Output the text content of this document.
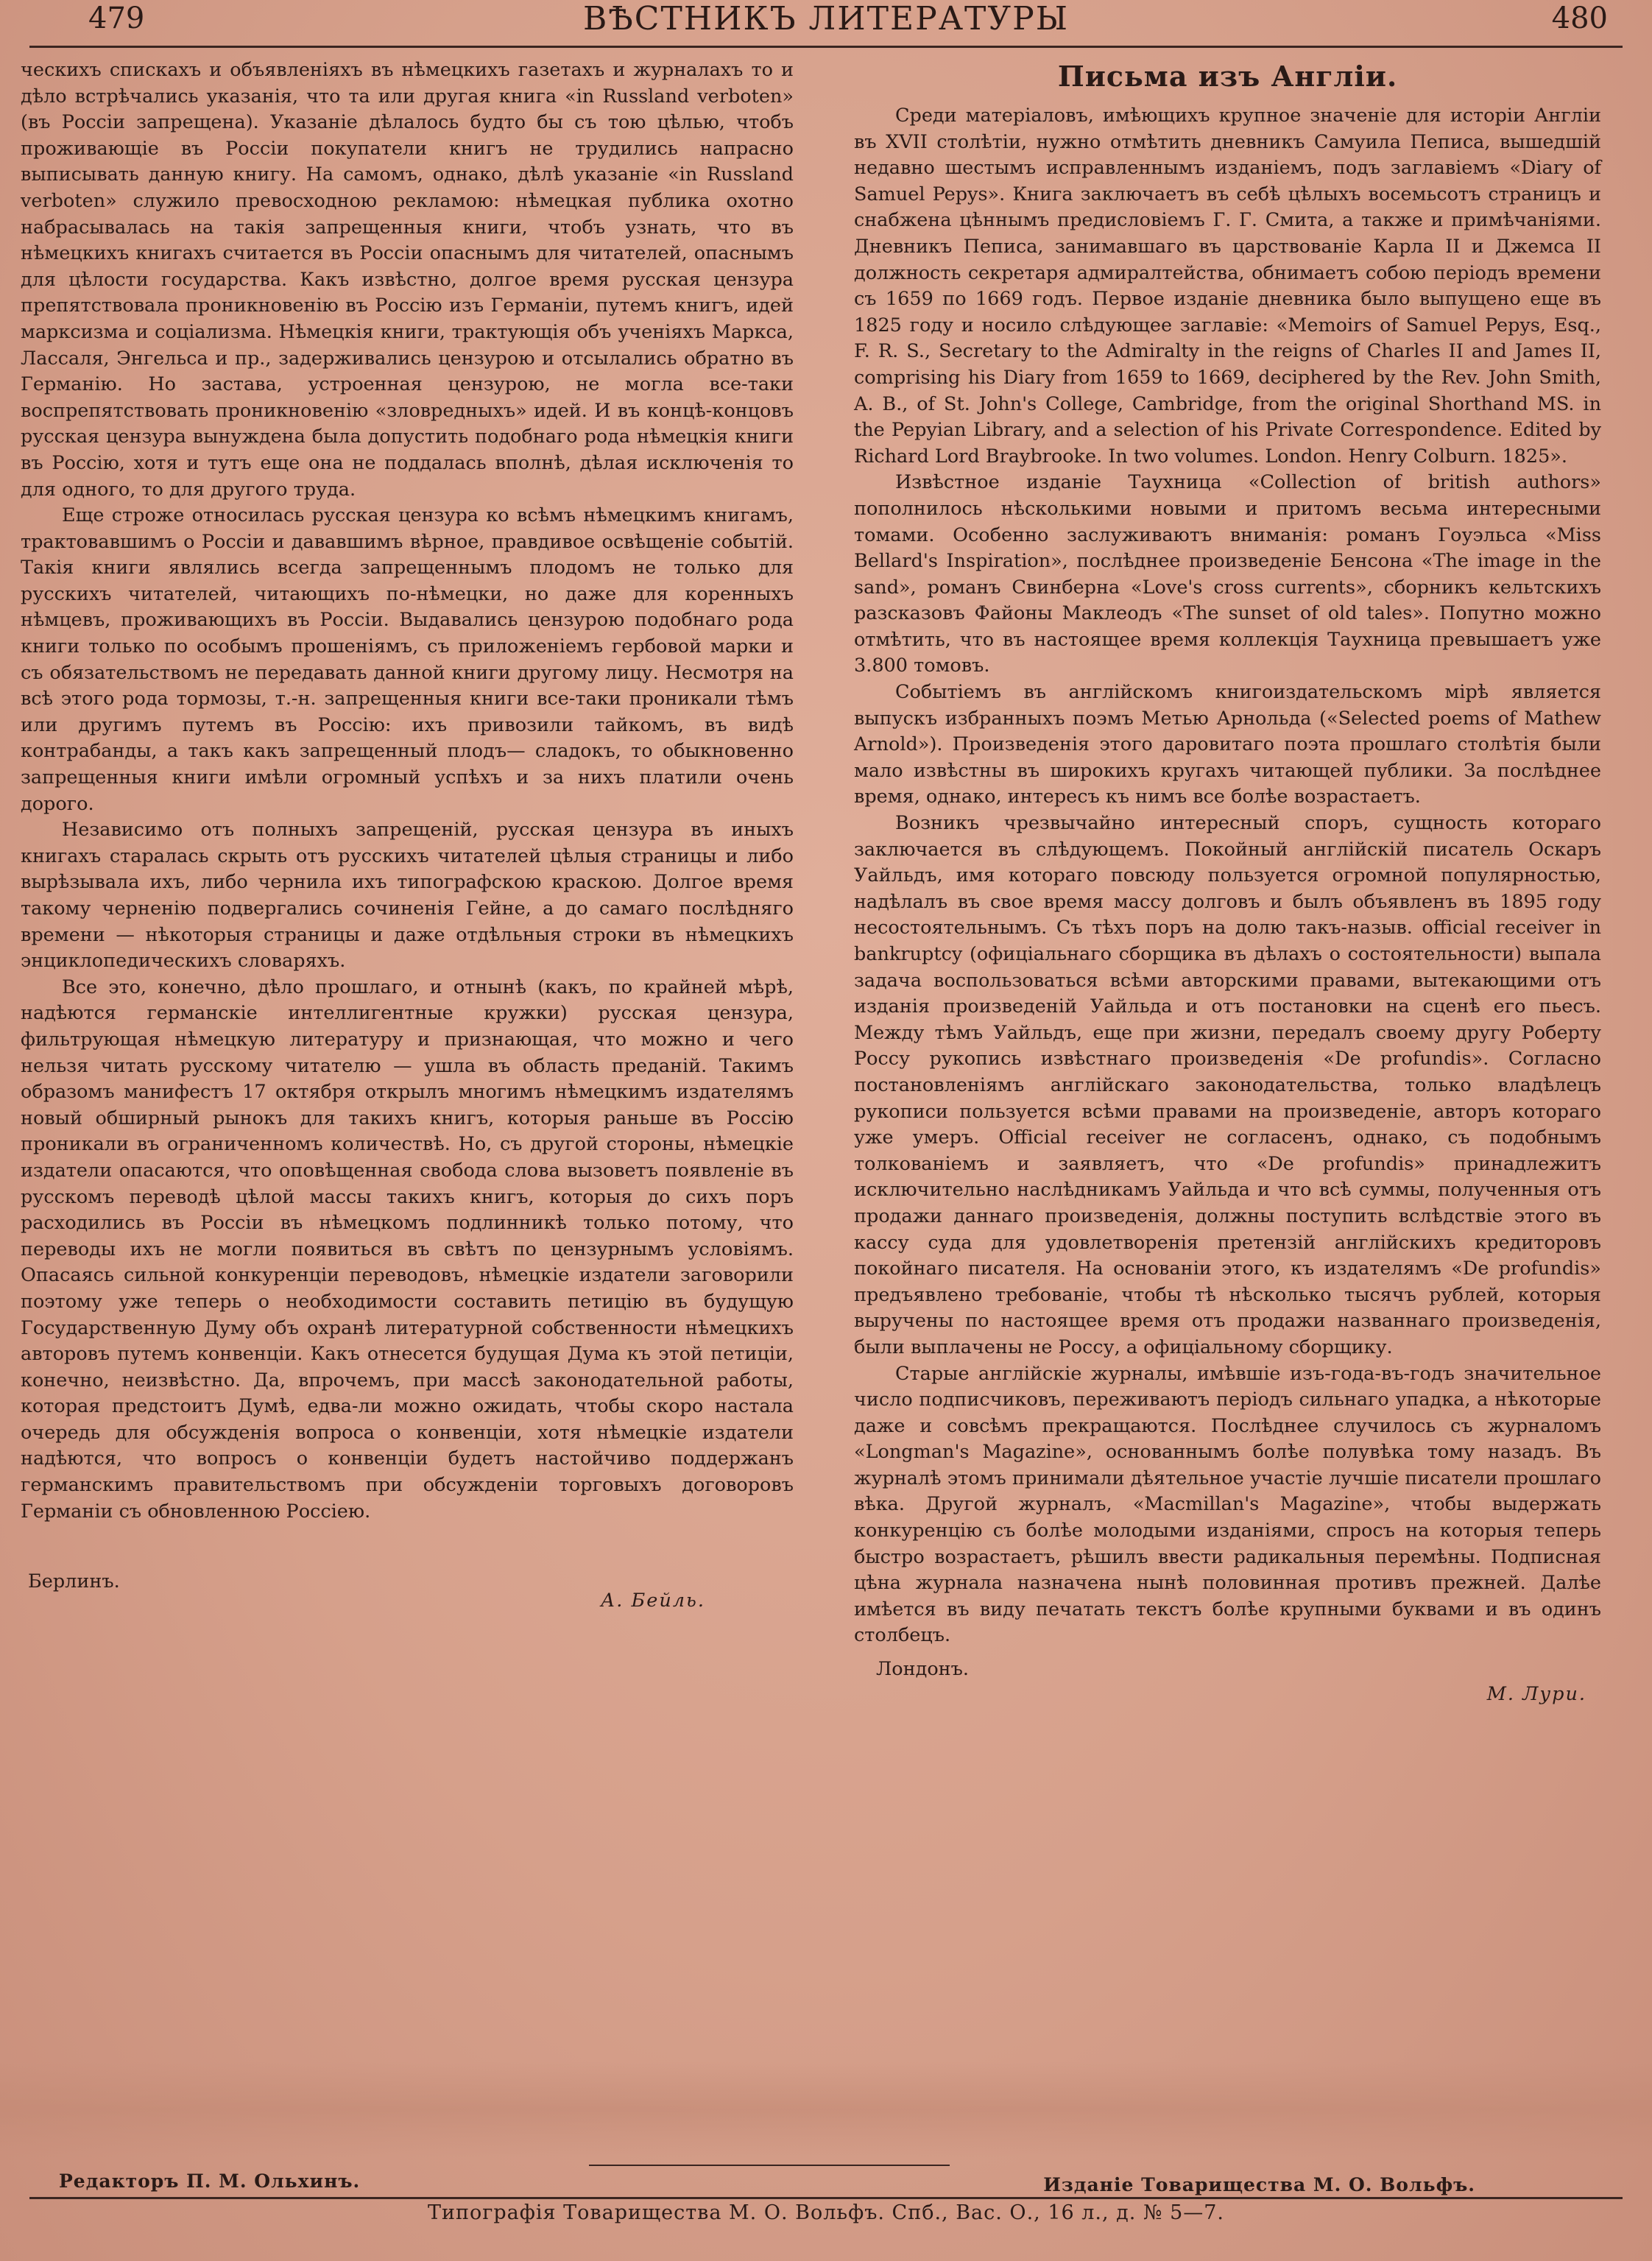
479	ВѢСТНИКЪ ЛИТЕРАТУРЫ	480

ческихъ спискахъ и объявленіяхъ въ нѣмецкихъ газетахъ и журналахъ то и дѣло встрѣчались указанія, что та или другая книга «in Russland verboten» (въ Россіи запрещена). Указаніе дѣлалось будто бы съ тою цѣлью, чтобъ проживающіе въ Россіи покупатели книгъ не трудились напрасно выписывать данную книгу. На самомъ, однако, дѣлѣ указаніе «in Russland verboten» служило превосходною рекламою: нѣмецкая публика охотно набрасывалась на такія запрещенныя книги, чтобъ узнать, что въ нѣмецкихъ книгахъ считается въ Россіи опаснымъ для читателей, опаснымъ для цѣлости государства. Какъ извѣстно, долгое время русская цензура препятствовала проникновенію въ Россію изъ Германіи, путемъ книгъ, идей марксизма и соціализма. Нѣмецкія книги, трактующія объ ученіяхъ Маркса, Лассаля, Энгельса и пр., задерживались цензурою и отсылались обратно въ Германію. Но застава, устроенная цензурою, не могла все-таки воспрепятствовать проникновенію «зловредныхъ» идей. И въ концѣ-концовъ русская цензура вынуждена была допустить подобнаго рода нѣмецкія книги въ Россію, хотя и тутъ еще она не поддалась вполнѣ, дѣлая исключенія то для одного, то для другого труда.

Еще строже относилась русская цензура ко всѣмъ нѣмецкимъ книгамъ, трактовавшимъ о Россіи и дававшимъ вѣрное, правдивое освѣщеніе событій. Такія книги являлись всегда запрещеннымъ плодомъ не только для русскихъ читателей, читающихъ по-нѣмецки, но даже для коренныхъ нѣмцевъ, проживающихъ въ Россіи. Выдавались цензурою подобнаго рода книги только по особымъ прошеніямъ, съ приложеніемъ гербовой марки и съ обязательствомъ не передавать данной книги другому лицу. Несмотря на всѣ этого рода тормозы, т.-н. запрещенныя книги все-таки проникали тѣмъ или другимъ путемъ въ Россію: ихъ привозили тайкомъ, въ видѣ контрабанды, а такъ какъ запрещенный плодъ— сладокъ, то обыкновенно запрещенныя книги имѣли огромный успѣхъ и за нихъ платили очень дорого.

Независимо отъ полныхъ запрещеній, русская цензура въ иныхъ книгахъ старалась скрыть отъ русскихъ читателей цѣлыя страницы и либо вырѣзывала ихъ, либо чернила ихъ типографскою краскою. Долгое время такому черненію подвергались сочиненія Гейне, а до самаго послѣдняго времени — нѣкоторыя страницы и даже отдѣльныя строки въ нѣмецкихъ энциклопедическихъ словаряхъ.

Все это, конечно, дѣло прошлаго, и отнынѣ (какъ, по крайней мѣрѣ, надѣются германскіе интеллигентные кружки) русская цензура, фильтрующая нѣмецкую литературу и признающая, что можно и чего нельзя читать русскому читателю — ушла въ область преданій. Такимъ образомъ манифестъ 17 октября открылъ многимъ нѣмецкимъ издателямъ новый обширный рынокъ для такихъ книгъ, которыя раньше въ Россію проникали въ ограниченномъ количествѣ. Но, съ другой стороны, нѣмецкіе издатели опасаются, что оповѣщенная свобода слова вызоветъ появленіе въ русскомъ переводѣ цѣлой массы такихъ книгъ, которыя до сихъ поръ расходились въ Россіи въ нѣмецкомъ подлинникѣ только потому, что переводы ихъ не могли появиться въ свѣтъ по цензурнымъ условіямъ. Опасаясь сильной конкуренціи переводовъ, нѣмецкіе издатели заговорили поэтому уже теперь о необходимости составить петицію въ будущую Государственную Думу объ охранѣ литературной собственности нѣмецкихъ авторовъ путемъ конвенціи. Какъ отнесется будущая Дума къ этой петиціи, конечно, неизвѣстно. Да, впрочемъ, при массѣ законодательной работы, которая предстоитъ Думѣ, едва-ли можно ожидать, чтобы скоро настала очередь для обсужденія вопроса о конвенціи, хотя нѣмецкіе издатели надѣются, что вопросъ о конвенціи будетъ настойчиво поддержанъ германскимъ правительствомъ при обсужденіи торговыхъ договоровъ Германіи съ обновленною Россіею.

Берлинъ.
А. Бейль.
Письма изъ Англіи.

Среди матеріаловъ, имѣющихъ крупное значеніе для исторіи Англіи въ XVII столѣтіи, нужно отмѣтить дневникъ Самуила Пеписа, вышедшій недавно шестымъ исправленнымъ изданіемъ, подъ заглавіемъ «Diary of Samuel Pepys». Книга заключаетъ въ себѣ цѣлыхъ восемьсотъ страницъ и снабжена цѣннымъ предисловіемъ Г. Г. Смита, а также и примѣчаніями. Дневникъ Пеписа, занимавшаго въ царствованіе Карла II и Джемса II должность секретаря адмиралтейства, обнимаетъ собою періодъ времени съ 1659 по 1669 годъ. Первое изданіе дневника было выпущено еще въ 1825 году и носило слѣдующее заглавіе: «Memoirs of Samuel Pepys, Esq., F. R. S., Secretary to the Admiralty in the reigns of Charles II and James II, comprising his Diary from 1659 to 1669, deciphered by the Rev. John Smith, A. B., of St. John's College, Cambridge, from the original Shorthand MS. in the Pepyian Library, and a selection of his Private Correspondence. Edited by Richard Lord Braybrooke. In two volumes. London. Henry Colburn. 1825».

Извѣстное изданіе Таухница «Collection of british authors» пополнилось нѣсколькими новыми и притомъ весьма интересными томами. Особенно заслуживаютъ вниманія: романъ Гоуэльса «Miss Bellard's Inspiration», послѣднее произведеніе Бенсона «The image in the sand», романъ Свинберна «Love's cross currents», сборникъ кельтскихъ разсказовъ Файоны Маклеодъ «The sunset of old tales». Попутно можно отмѣтить, что въ настоящее время коллекція Таухница превышаетъ уже 3.800 томовъ.

Событіемъ въ англійскомъ книгоиздательскомъ мірѣ является выпускъ избранныхъ поэмъ Метью Арнольда («Selected poems of Mathew Arnold»). Произведенія этого даровитаго поэта прошлаго столѣтія были мало извѣстны въ широкихъ кругахъ читающей публики. За послѣднее время, однако, интересъ къ нимъ все болѣе возрастаетъ.

Возникъ чрезвычайно интересный споръ, сущность котораго заключается въ слѣдующемъ. Покойный англійскій писатель Оскаръ Уайльдъ, имя котораго повсюду пользуется огромной популярностью, надѣлалъ въ свое время массу долговъ и былъ объявленъ въ 1895 году несостоятельнымъ. Съ тѣхъ поръ на долю такъ-назыв. official receiver in bankruptcy (офиціальнаго сборщика въ дѣлахъ о состоятельности) выпала задача воспользоваться всѣми авторскими правами, вытекающими отъ изданія произведеній Уайльда и отъ постановки на сценѣ его пьесъ. Между тѣмъ Уайльдъ, еще при жизни, передалъ своему другу Роберту Россу рукопись извѣстнаго произведенія «De profundis». Согласно постановленіямъ англійскаго законодательства, только владѣлецъ рукописи пользуется всѣми правами на произведеніе, авторъ котораго уже умеръ. Official receiver не согласенъ, однако, съ подобнымъ толкованіемъ и заявляетъ, что «De profundis» принадлежитъ исключительно наслѣдникамъ Уайльда и что всѣ суммы, полученныя отъ продажи даннаго произведенія, должны поступить вслѣдствіе этого въ кассу суда для удовлетворенія претензій англійскихъ кредиторовъ покойнаго писателя. На основаніи этого, къ издателямъ «De profundis» предъявлено требованіе, чтобы тѣ нѣсколько тысячъ рублей, которыя выручены по настоящее время отъ продажи названнаго произведенія, были выплачены не Россу, а офиціальному сборщику.

Старые англійскіе журналы, имѣвшіе изъ-года-въ-годъ значительное число подписчиковъ, переживаютъ періодъ сильнаго упадка, а нѣкоторые даже и совсѣмъ прекращаются. Послѣднее случилось съ журналомъ «Longman's Magazine», основаннымъ болѣе полувѣка тому назадъ. Въ журналѣ этомъ принимали дѣятельное участіе лучшіе писатели прошлаго вѣка. Другой журналъ, «Macmillan's Magazine», чтобы выдержать конкуренцію съ болѣе молодыми изданіями, спросъ на которыя теперь быстро возрастаетъ, рѣшилъ ввести радикальныя перемѣны. Подписная цѣна журнала назначена нынѣ половинная противъ прежней. Далѣе имѣется въ виду печатать текстъ болѣе крупными буквами и въ одинъ столбецъ.

Лондонъ.
М. Лури.
Редакторъ П. М. Ольхинъ.	Изданіе Товарищества М. О. Вольфъ.
Типографія Товарищества М. О. Вольфъ. Спб., Вас. О., 16 л., д. № 5—7.
